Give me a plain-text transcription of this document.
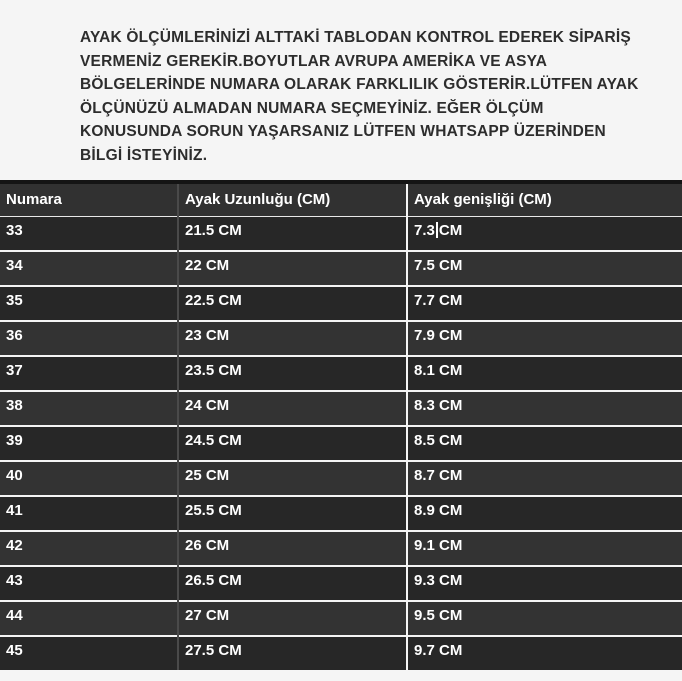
AYAK ÖLÇÜMLERİNİZİ ALTTAKİ TABLODAN KONTROL EDEREK SİPARİŞ
VERMENİZ GEREKİR.BOYUTLAR AVRUPA AMERİKA VE ASYA
BÖLGELERİNDE NUMARA OLARAK FARKLILIK GÖSTERİR.LÜTFEN AYAK
ÖLÇÜNÜZÜ ALMADAN NUMARA SEÇMEYİNİZ. EĞER ÖLÇÜM
KONUSUNDA SORUN YAŞARSANIZ LÜTFEN WHATSAPP ÜZERİNDEN
BİLGİ İSTEYİNİZ.
Numara	Ayak Uzunluğu (CM)	Ayak genişliği (CM)
33	21.5 CM	7.3 CM
34	22 CM	7.5 CM
35	22.5 CM	7.7 CM
36	23 CM	7.9 CM
37	23.5 CM	8.1 CM
38	24 CM	8.3 CM
39	24.5 CM	8.5 CM
40	25 CM	8.7 CM
41	25.5 CM	8.9 CM
42	26 CM	9.1 CM
43	26.5 CM	9.3 CM
44	27 CM	9.5 CM
45	27.5 CM	9.7 CM
